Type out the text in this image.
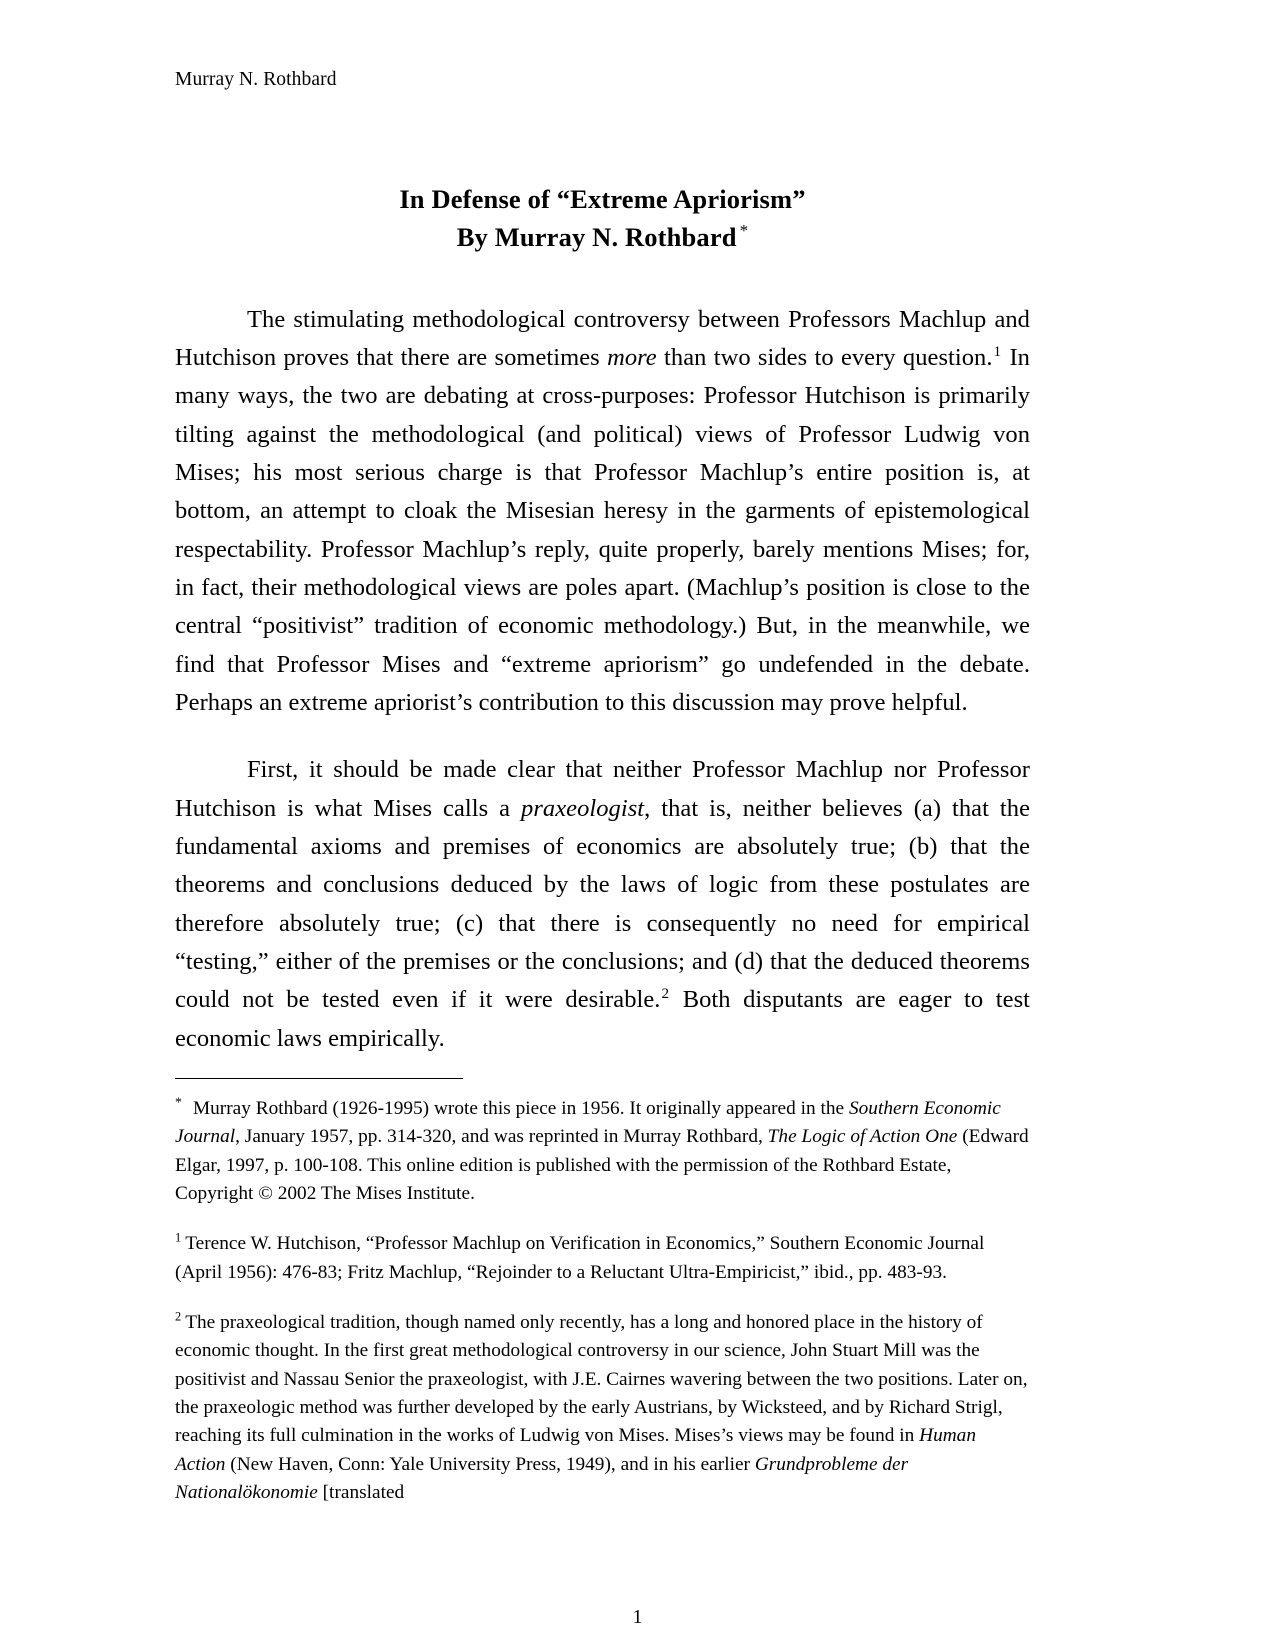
Murray N. Rothbard
In Defense of “Extreme Apriorism”
By Murray N. Rothbard *

The stimulating methodological controversy between Professors Machlup and Hutchison proves that there are sometimes more than two sides to every question.$^1$ In many ways, the two are debating at cross-purposes: Professor Hutchison is primarily tilting against the methodological (and political) views of Professor Ludwig von Mises; his most serious charge is that Professor Machlup’s entire position is, at bottom, an attempt to cloak the Misesian heresy in the garments of epistemological respectability. Professor Machlup’s reply, quite properly, barely mentions Mises; for, in fact, their methodological views are poles apart. (Machlup’s position is close to the central “positivist” tradition of economic methodology.) But, in the meanwhile, we find that Professor Mises and “extreme apriorism” go undefended in the debate. Perhaps an extreme apriorist’s contribution to this discussion may prove helpful.

First, it should be made clear that neither Professor Machlup nor Professor Hutchison is what Mises calls a praxeologist, that is, neither believes (a) that the fundamental axioms and premises of economics are absolutely true; (b) that the theorems and conclusions deduced by the laws of logic from these postulates are therefore absolutely true; (c) that there is consequently no need for empirical “testing,” either of the premises or the conclusions; and (d) that the deduced theorems could not be tested even if it were desirable.$^2$ Both disputants are eager to test economic laws empirically.

* Murray Rothbard (1926-1995) wrote this piece in 1956. It originally appeared in the Southern Economic Journal, January 1957, pp. 314-320, and was reprinted in Murray Rothbard, The Logic of Action One (Edward Elgar, 1997, p. 100-108. This online edition is published with the permission of the Rothbard Estate, Copyright © 2002 The Mises Institute.

$^1$ Terence W. Hutchison, “Professor Machlup on Verification in Economics,” Southern Economic Journal (April 1956): 476-83; Fritz Machlup, “Rejoinder to a Reluctant Ultra-Empiricist,” ibid., pp. 483-93.

$^2$ The praxeological tradition, though named only recently, has a long and honored place in the history of economic thought. In the first great methodological controversy in our science, John Stuart Mill was the positivist and Nassau Senior the praxeologist, with J.E. Cairnes wavering between the two positions. Later on, the praxeologic method was further developed by the early Austrians, by Wicksteed, and by Richard Strigl, reaching its full culmination in the works of Ludwig von Mises. Mises’s views may be found in Human Action (New Haven, Conn: Yale University Press, 1949), and in his earlier Grundprobleme der Nationalökonomie [translated

1
